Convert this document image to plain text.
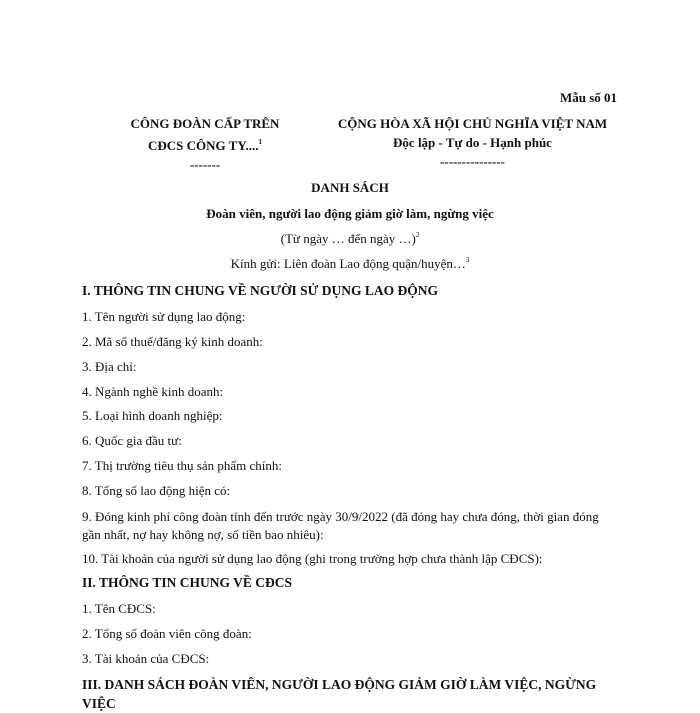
Mẫu số 01
CÔNG ĐOÀN CẤP TRÊN
CĐCS CÔNG TY....$^1$
-------
CỘNG HÒA XÃ HỘI CHỦ NGHĨA VIỆT NAM
Độc lập - Tự do - Hạnh phúc
---------------
DANH SÁCH
Đoàn viên, người lao động giảm giờ làm, ngừng việc
(Từ ngày … đến ngày …)$^2$
Kính gửi: Liên đoàn Lao động quận/huyện…$^3$
I. THÔNG TIN CHUNG VỀ NGƯỜI SỬ DỤNG LAO ĐỘNG
1. Tên người sử dụng lao động:
2. Mã số thuế/đăng ký kinh doanh:
3. Địa chỉ:
4. Ngành nghề kinh doanh:
5. Loại hình doanh nghiệp:
6. Quốc gia đầu tư:
7. Thị trường tiêu thụ sản phẩm chính:
8. Tổng số lao động hiện có:
9. Đóng kinh phí công đoàn tính đến trước ngày 30/9/2022 (đã đóng hay chưa đóng, thời gian đóng gần nhất, nợ hay không nợ, số tiền bao nhiêu):
10. Tài khoản của người sử dụng lao động (ghi trong trường hợp chưa thành lập CĐCS):
II. THÔNG TIN CHUNG VỀ CĐCS
1. Tên CĐCS:
2. Tổng số đoàn viên công đoàn:
3. Tài khoản của CĐCS:
III. DANH SÁCH ĐOÀN VIÊN, NGƯỜI LAO ĐỘNG GIẢM GIỜ LÀM VIỆC, NGỪNG VIỆC
